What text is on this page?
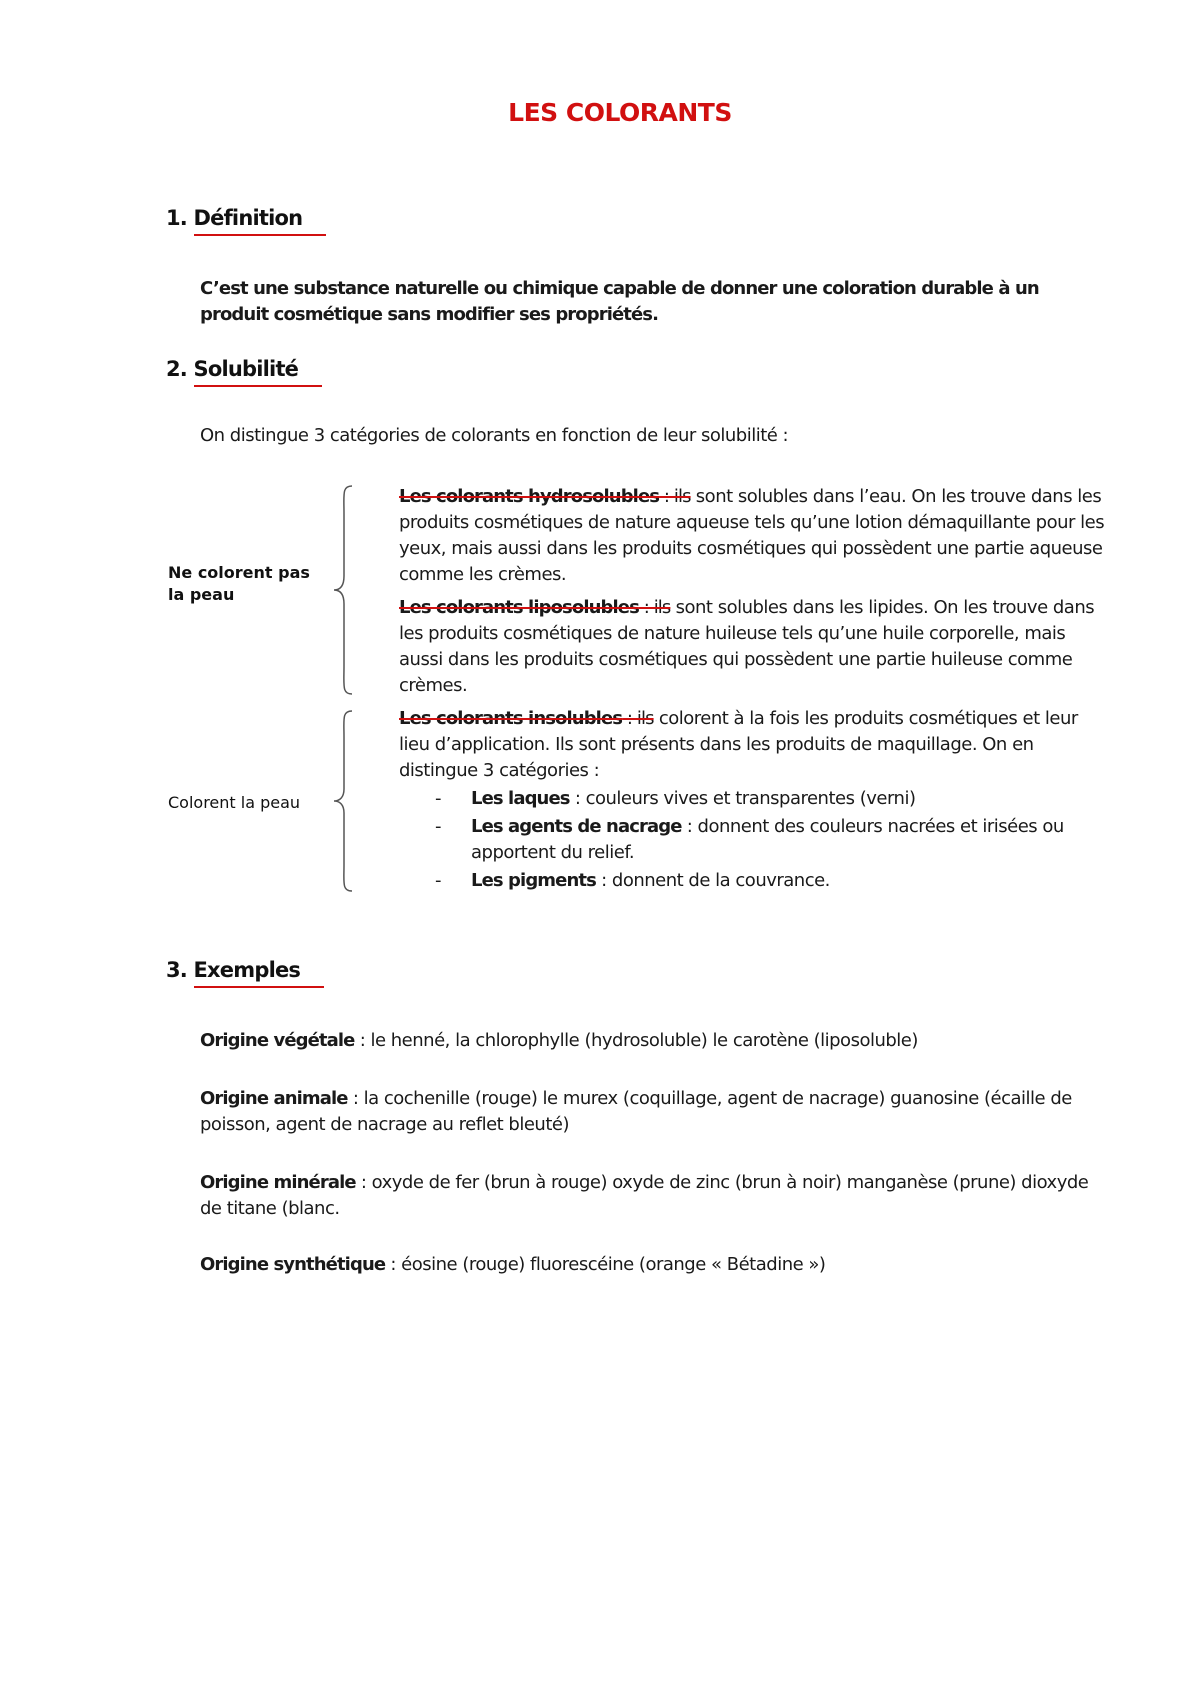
LES COLORANTS
1. Définition
C’est une substance naturelle ou chimique capable de donner une coloration durable à un produit cosmétique sans modifier ses propriétés.
2. Solubilité
On distingue 3 catégories de colorants en fonction de leur solubilité :
Ne colorent pas
la peau
Colorent la peau
Les colorants hydrosolubles : ils sont solubles dans l’eau. On les trouve dans les produits cosmétiques de nature aqueuse tels qu’une lotion démaquillante pour les yeux, mais aussi dans les produits cosmétiques qui possèdent une partie aqueuse comme les crèmes.
Les colorants liposolubles : ils sont solubles dans les lipides. On les trouve dans les produits cosmétiques de nature huileuse tels qu’une huile corporelle, mais aussi dans les produits cosmétiques qui possèdent une partie huileuse comme crèmes.
Les colorants insolubles : ils colorent à la fois les produits cosmétiques et leur lieu d’application. Ils sont présents dans les produits de maquillage. On en distingue 3 catégories :
- Les laques : couleurs vives et transparentes (verni)
- Les agents de nacrage : donnent des couleurs nacrées et irisées ou apportent du relief.
- Les pigments : donnent de la couvrance.
3. Exemples
Origine végétale : le henné, la chlorophylle (hydrosoluble) le carotène (liposoluble)
Origine animale : la cochenille (rouge) le murex (coquillage, agent de nacrage) guanosine (écaille de poisson, agent de nacrage au reflet bleuté)
Origine minérale : oxyde de fer (brun à rouge) oxyde de zinc (brun à noir) manganèse (prune) dioxyde de titane (blanc.
Origine synthétique : éosine (rouge) fluorescéine (orange « Bétadine »)
